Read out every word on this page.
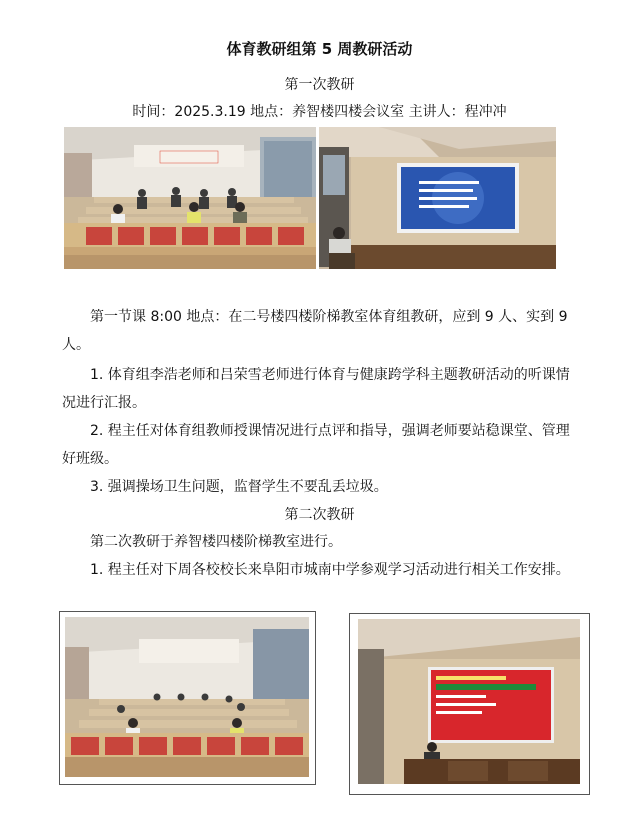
体育教研组第 5 周教研活动
第一次教研
时间：2025.3.19 地点：养智楼四楼会议室 主讲人：程冲冲
第一节课 8:00 地点：在二号楼四楼阶梯教室体育组教研，应到 9 人、实到 9 人。
1. 体育组李浩老师和吕荣雪老师进行体育与健康跨学科主题教研活动的听课情况进行汇报。
2. 程主任对体育组教师授课情况进行点评和指导，强调老师要站稳课堂、管理好班级。
3. 强调操场卫生问题，监督学生不要乱丢垃圾。
第二次教研
第二次教研于养智楼四楼阶梯教室进行。
1. 程主任对下周各校校长来阜阳市城南中学参观学习活动进行相关工作安排。
